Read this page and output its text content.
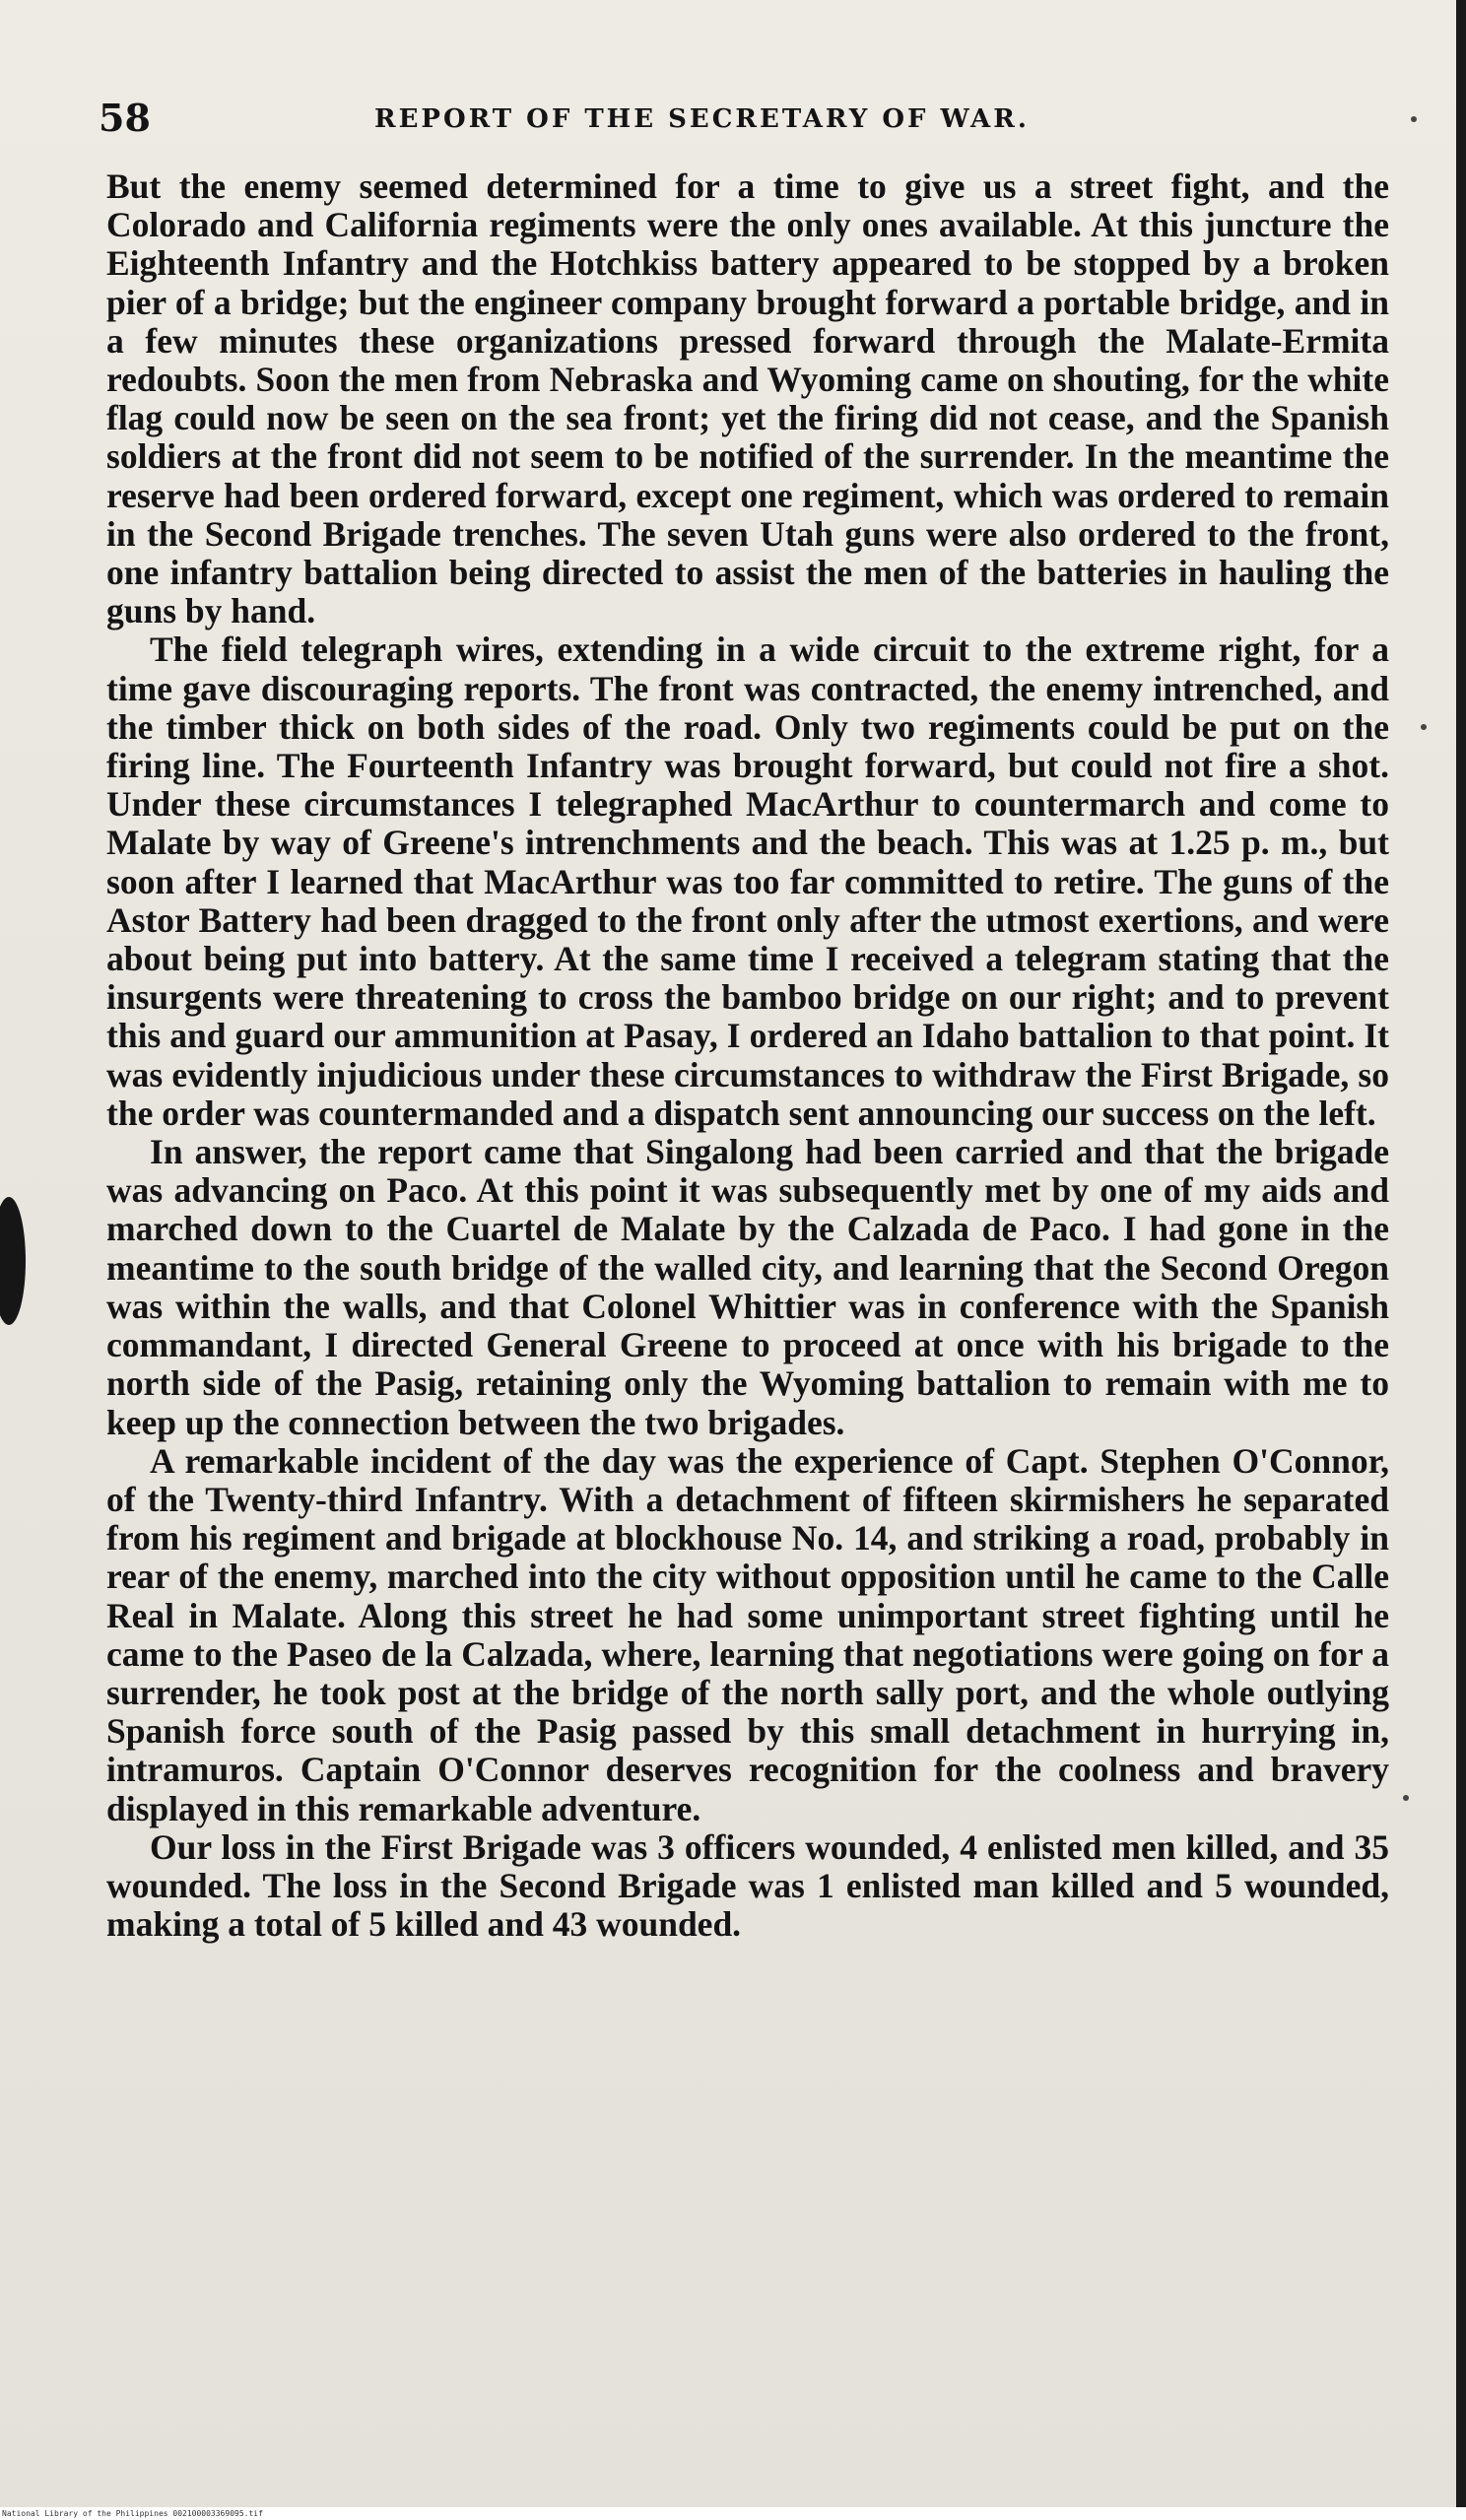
58	REPORT OF THE SECRETARY OF WAR.

But the enemy seemed determined for a time to give us a street fight, and the Colorado and California regiments were the only ones available. At this juncture the Eighteenth Infantry and the Hotchkiss battery appeared to be stopped by a broken pier of a bridge; but the engineer company brought forward a portable bridge, and in a few minutes these organizations pressed forward through the Malate-Ermita redoubts. Soon the men from Nebraska and Wyoming came on shouting, for the white flag could now be seen on the sea front; yet the firing did not cease, and the Spanish soldiers at the front did not seem to be notified of the surrender. In the meantime the reserve had been ordered forward, except one regiment, which was ordered to remain in the Second Brigade trenches. The seven Utah guns were also ordered to the front, one infantry battalion being directed to assist the men of the batteries in hauling the guns by hand.

The field telegraph wires, extending in a wide circuit to the extreme right, for a time gave discouraging reports. The front was contracted, the enemy intrenched, and the timber thick on both sides of the road. Only two regiments could be put on the firing line. The Fourteenth Infantry was brought forward, but could not fire a shot. Under these circumstances I telegraphed MacArthur to countermarch and come to Malate by way of Greene's intrenchments and the beach. This was at 1.25 p. m., but soon after I learned that MacArthur was too far committed to retire. The guns of the Astor Battery had been dragged to the front only after the utmost exertions, and were about being put into battery. At the same time I received a telegram stating that the insurgents were threatening to cross the bamboo bridge on our right; and to prevent this and guard our ammunition at Pasay, I ordered an Idaho battalion to that point. It was evidently injudicious under these circumstances to withdraw the First Brigade, so the order was countermanded and a dispatch sent announcing our success on the left.

In answer, the report came that Singalong had been carried and that the brigade was advancing on Paco. At this point it was subsequently met by one of my aids and marched down to the Cuartel de Malate by the Calzada de Paco. I had gone in the meantime to the south bridge of the walled city, and learning that the Second Oregon was within the walls, and that Colonel Whittier was in conference with the Spanish commandant, I directed General Greene to proceed at once with his brigade to the north side of the Pasig, retaining only the Wyoming battalion to remain with me to keep up the connection between the two brigades.

A remarkable incident of the day was the experience of Capt. Stephen O'Connor, of the Twenty-third Infantry. With a detachment of fifteen skirmishers he separated from his regiment and brigade at blockhouse No. 14, and striking a road, probably in rear of the enemy, marched into the city without opposition until he came to the Calle Real in Malate. Along this street he had some unimportant street fighting until he came to the Paseo de la Calzada, where, learning that negotiations were going on for a surrender, he took post at the bridge of the north sally port, and the whole outlying Spanish force south of the Pasig passed by this small detachment in hurrying in, intramuros. Captain O'Connor deserves recognition for the coolness and bravery displayed in this remarkable adventure.

Our loss in the First Brigade was 3 officers wounded, 4 enlisted men killed, and 35 wounded. The loss in the Second Brigade was 1 enlisted man killed and 5 wounded, making a total of 5 killed and 43 wounded.

National Library of the Philippines 002100003369095.tif
